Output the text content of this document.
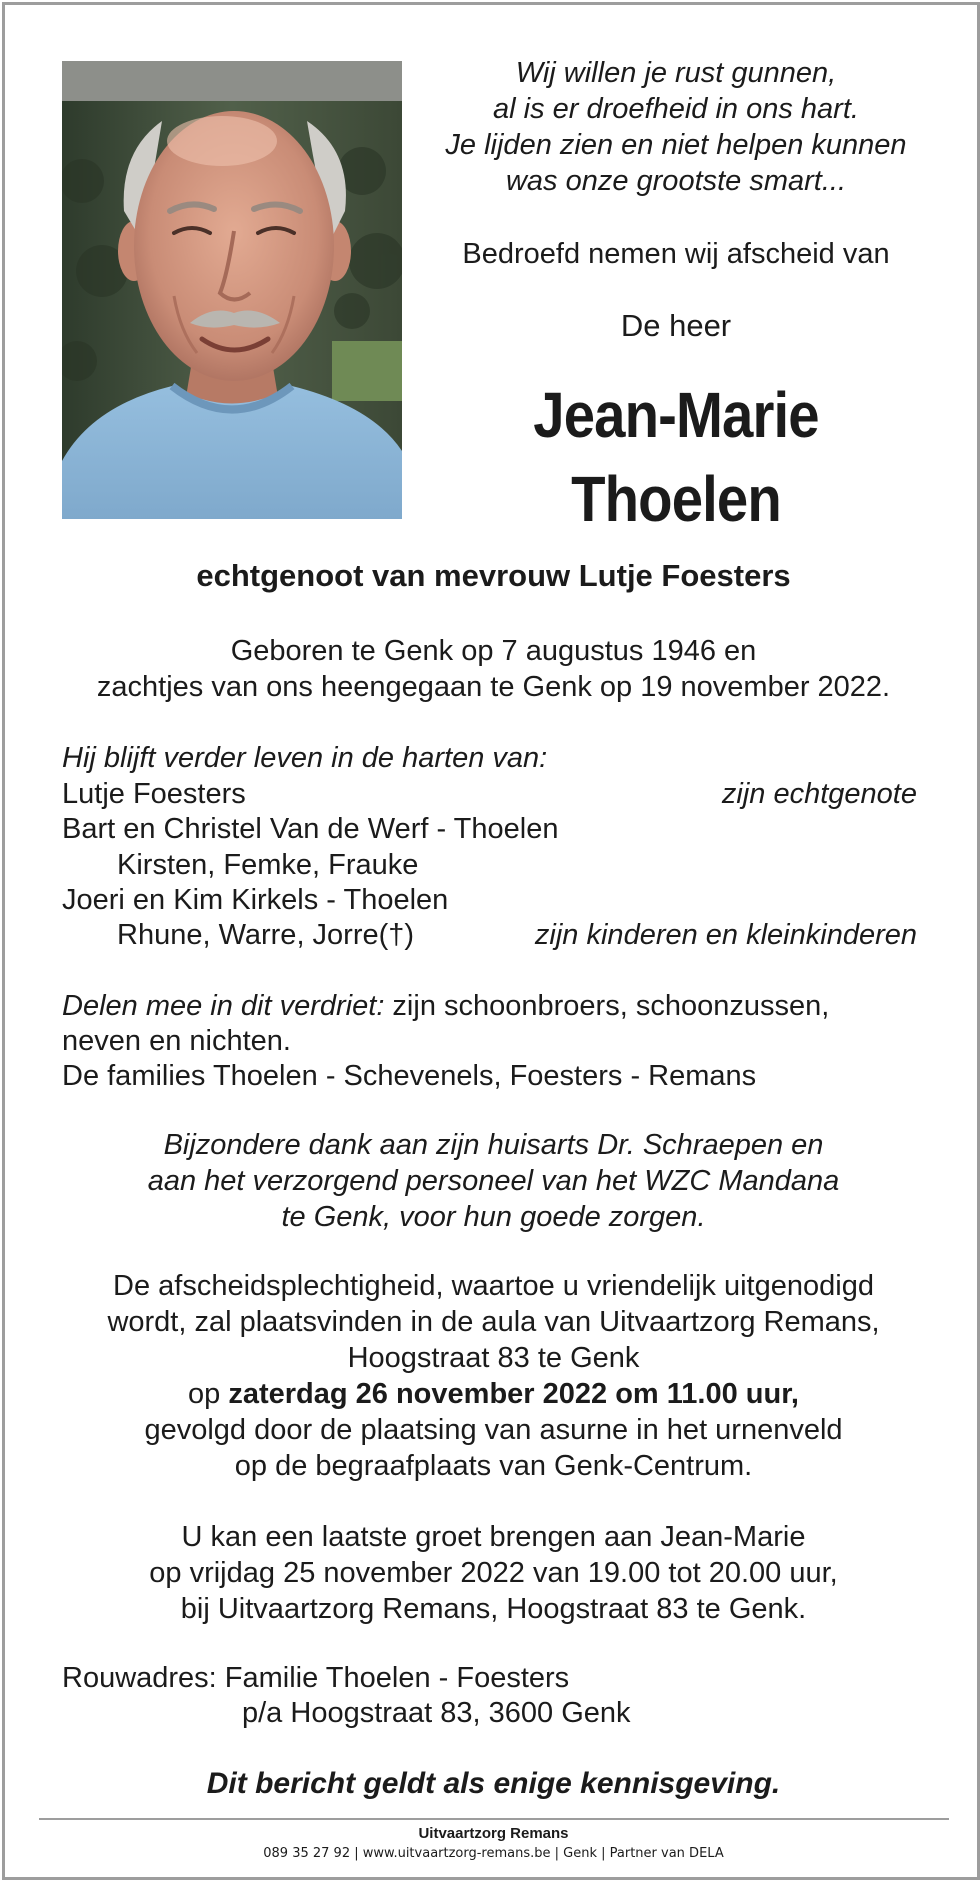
Wij willen je rust gunnen,
al is er droefheid in ons hart.
Je lijden zien en niet helpen kunnen
was onze grootste smart...
Bedroefd nemen wij afscheid van
De heer
Jean-Marie
Thoelen
echtgenoot van mevrouw Lutje Foesters
Geboren te Genk op 7 augustus 1946 en
zachtjes van ons heengegaan te Genk op 19 november 2022.
Hij blijft verder leven in de harten van:
Lutje Foesters	zijn echtgenote
Bart en Christel Van de Werf - Thoelen
Kirsten, Femke, Frauke
Joeri en Kim Kirkels - Thoelen
Rhune, Warre, Jorre(†)	zijn kinderen en kleinkinderen
Delen mee in dit verdriet: zijn schoonbroers, schoonzussen,
neven en nichten.
De families Thoelen - Schevenels, Foesters - Remans
Bijzondere dank aan zijn huisarts Dr. Schraepen en
aan het verzorgend personeel van het WZC Mandana
te Genk, voor hun goede zorgen.
De afscheidsplechtigheid, waartoe u vriendelijk uitgenodigd
wordt, zal plaatsvinden in de aula van Uitvaartzorg Remans,
Hoogstraat 83 te Genk
op zaterdag 26 november 2022 om 11.00 uur,
gevolgd door de plaatsing van asurne in het urnenveld
op de begraafplaats van Genk-Centrum.
U kan een laatste groet brengen aan Jean-Marie
op vrijdag 25 november 2022 van 19.00 tot 20.00 uur,
bij Uitvaartzorg Remans, Hoogstraat 83 te Genk.
Rouwadres: Familie Thoelen - Foesters
p/a Hoogstraat 83, 3600 Genk
Dit bericht geldt als enige kennisgeving.
Uitvaartzorg Remans
089 35 27 92 | www.uitvaartzorg-remans.be | Genk | Partner van DELA
